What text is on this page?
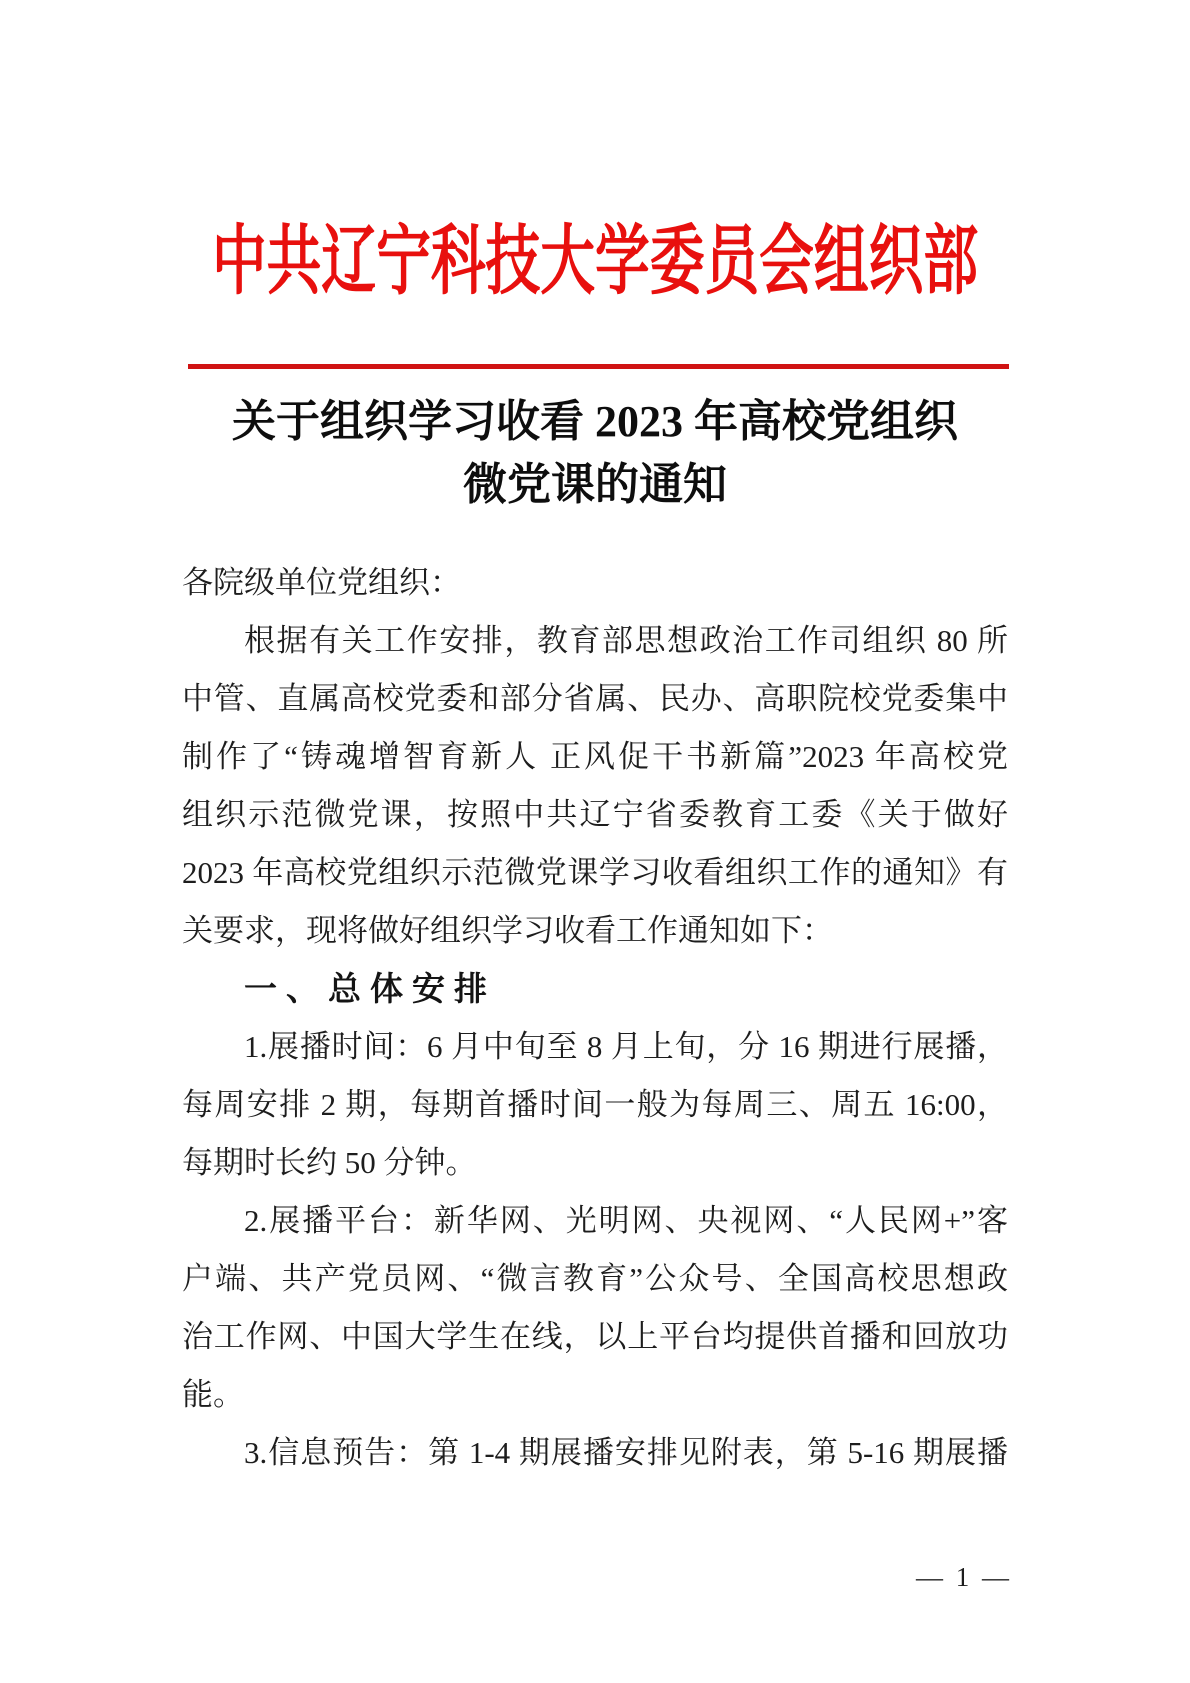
中共辽宁科技大学委员会组织部
关于组织学习收看 2023 年高校党组织
微党课的通知
各院级单位党组织：
根据有关工作安排，教育部思想政治工作司组织 80 所
中管、直属高校党委和部分省属、民办、高职院校党委集中
制作了“铸魂增智育新人 正风促干书新篇”2023 年高校党
组织示范微党课，按照中共辽宁省委教育工委《关于做好
2023 年高校党组织示范微党课学习收看组织工作的通知》有
关要求，现将做好组织学习收看工作通知如下：
一、总体安排
1.展播时间：6 月中旬至 8 月上旬，分 16 期进行展播，
每周安排 2 期，每期首播时间一般为每周三、周五 16:00，
每期时长约 50 分钟。
2.展播平台：新华网、光明网、央视网、“人民网+”客
户端、共产党员网、“微言教育”公众号、全国高校思想政
治工作网、中国大学生在线，以上平台均提供首播和回放功
能。
3.信息预告：第 1-4 期展播安排见附表，第 5-16 期展播
— 1 —
